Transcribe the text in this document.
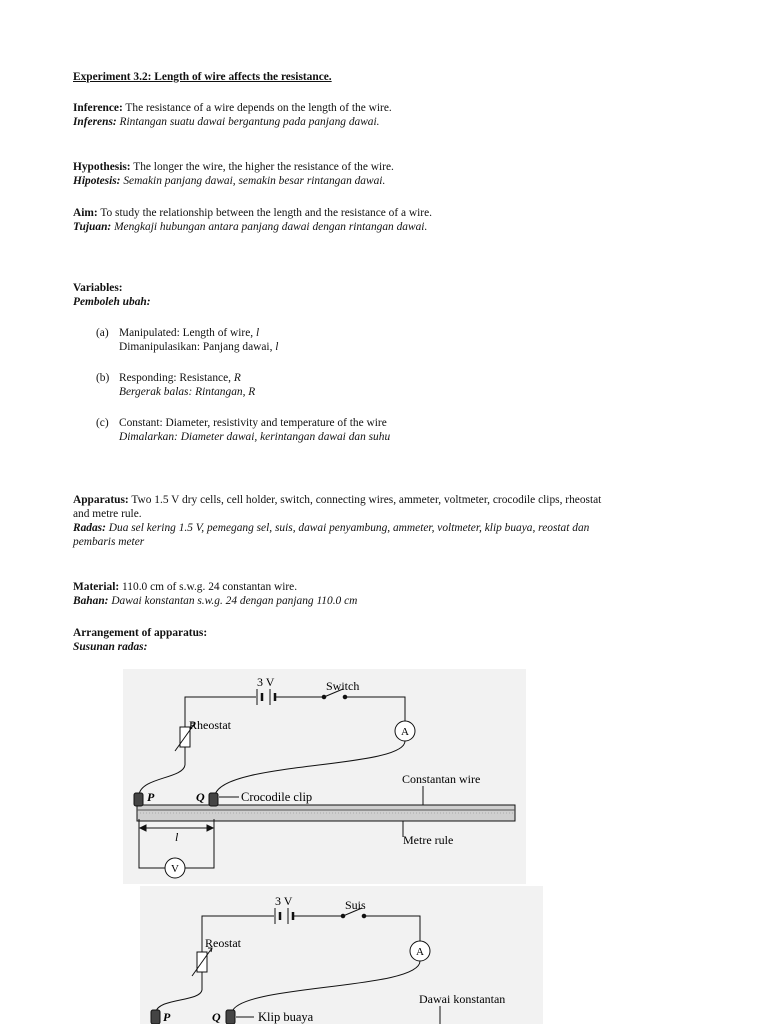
Experiment 3.2: Length of wire affects the resistance.
Inference: The resistance of a wire depends on the length of the wire.
Inferens: Rintangan suatu dawai bergantung pada panjang dawai.
Hypothesis: The longer the wire, the higher the resistance of the wire.
Hipotesis: Semakin panjang dawai, semakin besar rintangan dawai.
Aim: To study the relationship between the length and the resistance of a wire.
Tujuan: Mengkaji hubungan antara panjang dawai dengan rintangan dawai.
Variables:
Pemboleh ubah:
(a) Manipulated: Length of wire, l
Dimanipulasikan: Panjang dawai, l
(b) Responding: Resistance, R
Bergerak balas: Rintangan, R
(c) Constant: Diameter, resistivity and temperature of the wire
Dimalarkan: Diameter dawai, kerintangan dawai dan suhu
Apparatus: Two 1.5 V dry cells, cell holder, switch, connecting wires, ammeter, voltmeter, crocodile clips, rheostat
and metre rule.
Radas: Dua sel kering 1.5 V, pemegang sel, suis, dawai penyambung, ammeter, voltmeter, klip buaya, reostat dan
pembaris meter
Material: 110.0 cm of s.w.g. 24 constantan wire.
Bahan: Dawai konstantan s.w.g. 24 dengan panjang 110.0 cm
Arrangement of apparatus:
Susunan radas:
3 V	Switch
Rheostat	A
P	Q	Crocodile clip
Constantan wire
l
V
Metre rule
3 V	Suis
Reostat
A
P	Q	Klip buaya
Dawai konstantan
